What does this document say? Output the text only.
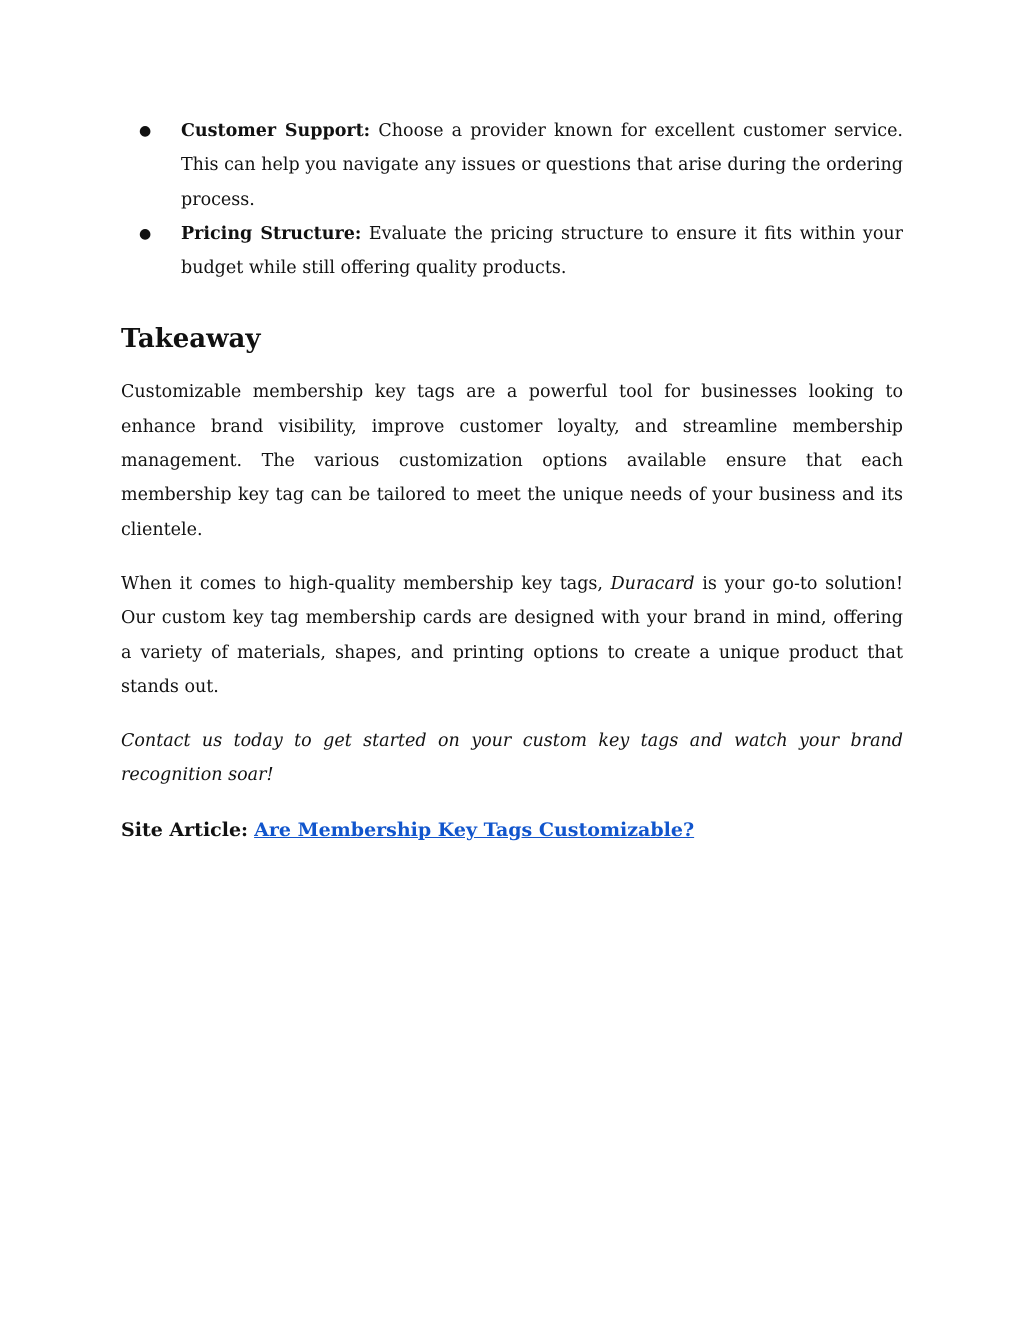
● Customer Support: Choose a provider known for excellent customer service. This can help you navigate any issues or questions that arise during the ordering process.
● Pricing Structure: Evaluate the pricing structure to ensure it fits within your budget while still offering quality products.
Takeaway

Customizable membership key tags are a powerful tool for businesses looking to enhance brand visibility, improve customer loyalty, and streamline membership management. The various customization options available ensure that each membership key tag can be tailored to meet the unique needs of your business and its clientele.

When it comes to high-quality membership key tags, Duracard is your go-to solution! Our custom key tag membership cards are designed with your brand in mind, offering a variety of materials, shapes, and printing options to create a unique product that stands out.

Contact us today to get started on your custom key tags and watch your brand recognition soar!

Site Article: Are Membership Key Tags Customizable?
